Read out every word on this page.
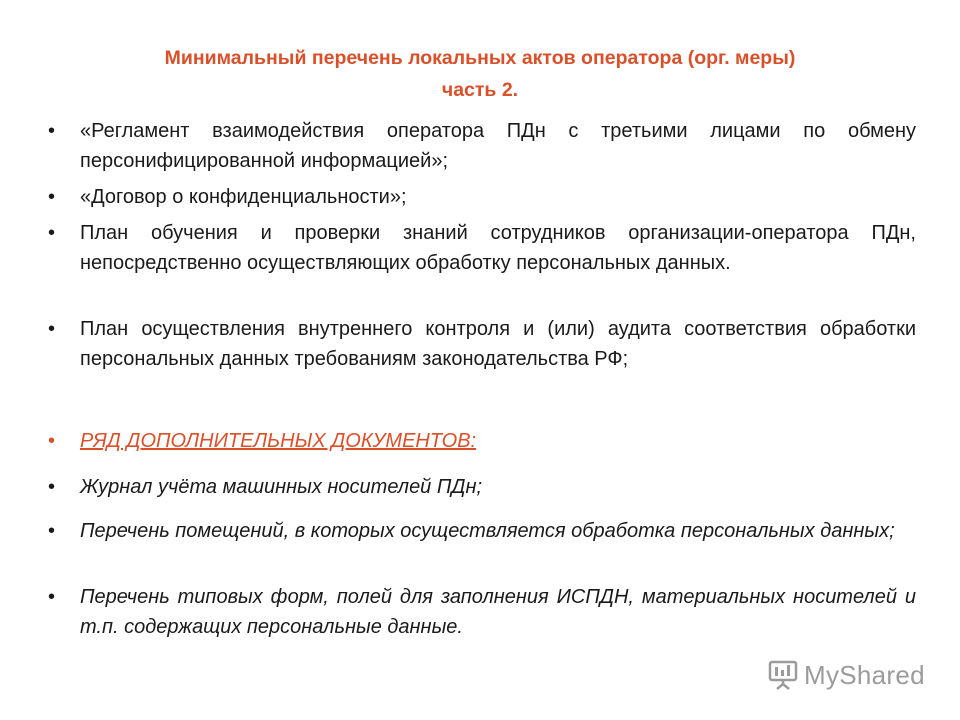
Минимальный перечень локальных актов оператора (орг. меры)
часть 2.
•	«Регламент взаимодействия оператора ПДн с третьими лицами по обмену персонифицированной информацией»;
•	«Договор о конфиденциальности»;
•	План обучения и проверки знаний сотрудников организации-оператора ПДн, непосредственно осуществляющих обработку персональных данных.
•	План осуществления внутреннего контроля и (или) аудита соответствия обработки персональных данных требованиям законодательства РФ;
•	РЯД ДОПОЛНИТЕЛЬНЫХ ДОКУМЕНТОВ:
•	Журнал учёта машинных носителей ПДн;
•	Перечень помещений, в которых осуществляется обработка персональных данных;
•	Перечень типовых форм, полей для заполнения ИСПДН, материальных носителей и т.п. содержащих персональные данные.
MyShared
